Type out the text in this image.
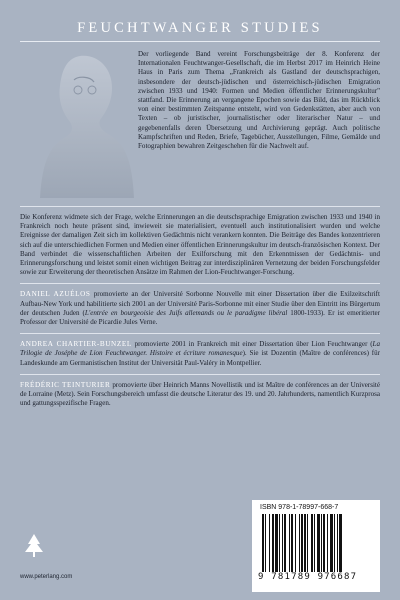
FEUCHTWANGER STUDIES

Der vorliegende Band vereint Forschungsbeiträge der 8. Konferenz der Internationalen Feuchtwanger-Gesellschaft, die im Herbst 2017 im Heinrich Heine Haus in Paris zum Thema „Frankreich als Gastland der deutschsprachigen, insbesondere der deutsch-jüdischen und österreichisch-jüdischen Emigration zwischen 1933 und 1940: Formen und Medien öffentlicher Erinnerungskultur" stattfand. Die Erinnerung an vergangene Epochen sowie das Bild, das im Rückblick von einer bestimmten Zeitspanne entsteht, wird von Gedenkstätten, aber auch von Texten – ob juristischer, journalistischer oder literarischer Natur – und gegebenenfalls deren Übersetzung und Archivierung geprägt. Auch politische Kampfschriften und Reden, Briefe, Tagebücher, Ausstellungen, Filme, Gemälde und Fotographien bewahren Zeitgeschehen für die Nachwelt auf.

Die Konferenz widmete sich der Frage, welche Erinnerungen an die deutschsprachige Emigration zwischen 1933 und 1940 in Frankreich noch heute präsent sind, inwieweit sie materialisiert, eventuell auch institutionalisiert wurden und welche Ereignisse der damaligen Zeit sich im kollektiven Gedächtnis nicht verankern konnten. Die Beiträge des Bandes konzentrieren sich auf die unterschiedlichen Formen und Medien einer öffentlichen Erinnerungskultur im deutsch-französischen Kontext. Der Band verbindet die wissenschaftlichen Arbeiten der Exilforschung mit den Erkenntnissen der Gedächtnis- und Erinnerungsforschung und leistet somit einen wichtigen Beitrag zur interdisziplinären Vernetzung der beiden Forschungsfelder sowie zur Erweiterung der theoretischen Ansätze im Rahmen der Lion-Feuchtwanger-Forschung.

DANIEL AZUÉLOS promovierte an der Université Sorbonne Nouvelle mit einer Dissertation über die Exilzeitschrift Aufbau-New York und habilitierte sich 2001 an der Université Paris-Sorbonne mit einer Studie über den Eintritt ins Bürgertum der deutschen Juden (L'entrée en bourgeoisie des Juifs allemands ou le paradigme libéral 1800-1933). Er ist emeritierter Professor der Université de Picardie Jules Verne.

ANDREA CHARTIER-BUNZEL promovierte 2001 in Frankreich mit einer Dissertation über Lion Feuchtwanger (La Trilogie de Joséphe de Lion Feuchtwanger. Histoire et écriture romanesque). Sie ist Dozentin (Maître de conférences) für Landeskunde am Germanistischen Institut der Universität Paul-Valéry in Montpellier.

FRÉDÉRIC TEINTURIER promovierte über Heinrich Manns Novellistik und ist Maître de conférences an der Université de Lorraine (Metz). Sein Forschungsbereich umfasst die deutsche Literatur des 19. und 20. Jahrhunderts, namentlich Kurzprosa und gattungsspezifische Fragen.

www.peterlang.com
ISBN 978-1-78997-668-7
9 781789 976687
